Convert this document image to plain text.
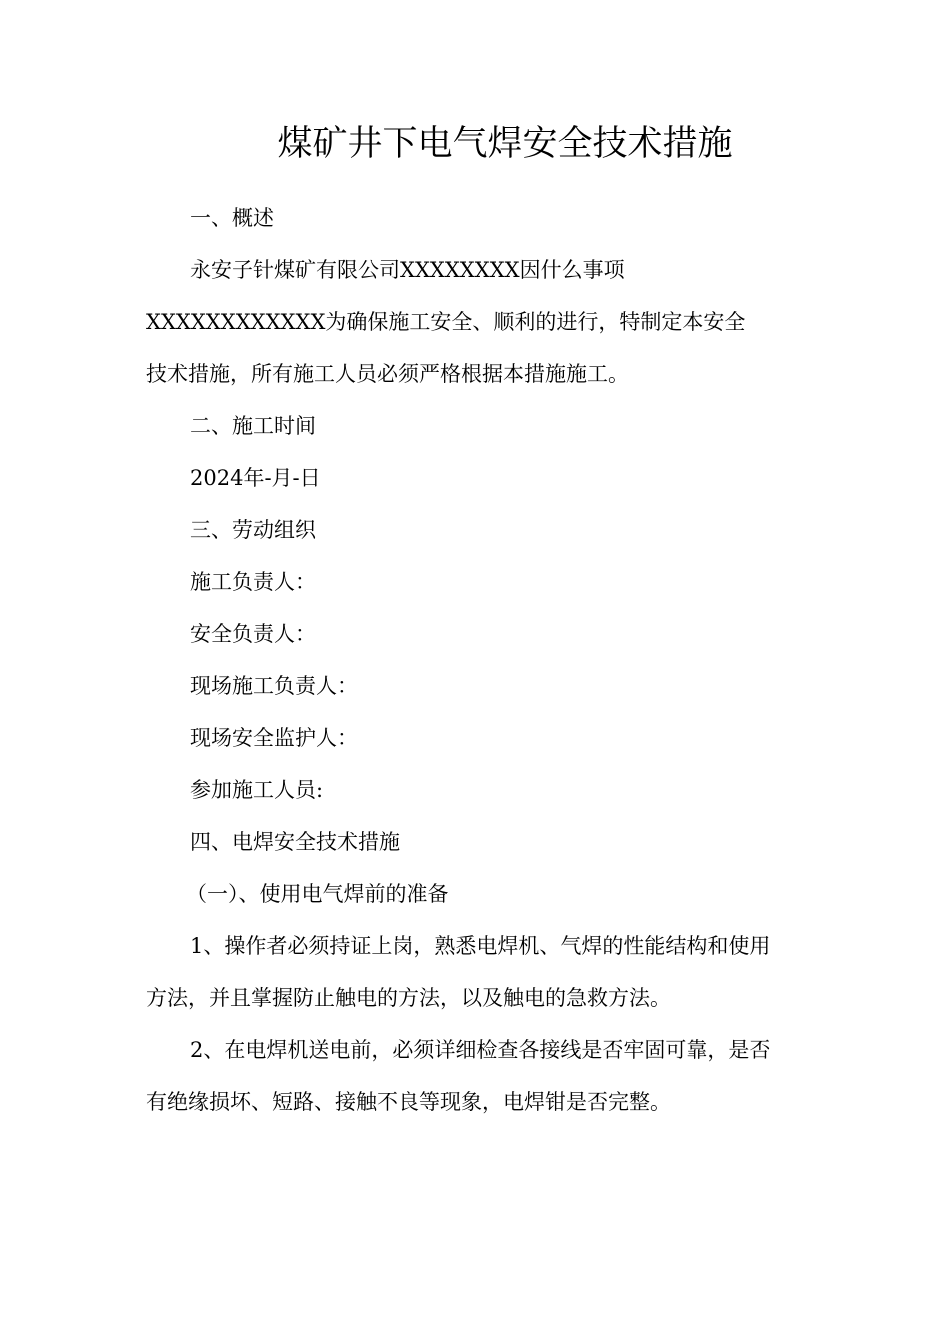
煤矿井下电气焊安全技术措施

一、概述

永安子针煤矿有限公司XXXXXXXX因什么事项

XXXXXXXXXXXX为确保施工安全、顺利的进行，特制定本安全

技术措施，所有施工人员必须严格根据本措施施工。

二、施工时间

2024年-月-日

三、劳动组织

施工负责人：

安全负责人：

现场施工负责人：

现场安全监护人：

参加施工人员:

四、电焊安全技术措施

（一）、使用电气焊前的准备

1、操作者必须持证上岗，熟悉电焊机、气焊的性能结构和使用

方法，并且掌握防止触电的方法，以及触电的急救方法。

2、在电焊机送电前，必须详细检查各接线是否牢固可靠，是否

有绝缘损坏、短路、接触不良等现象，电焊钳是否完整。
